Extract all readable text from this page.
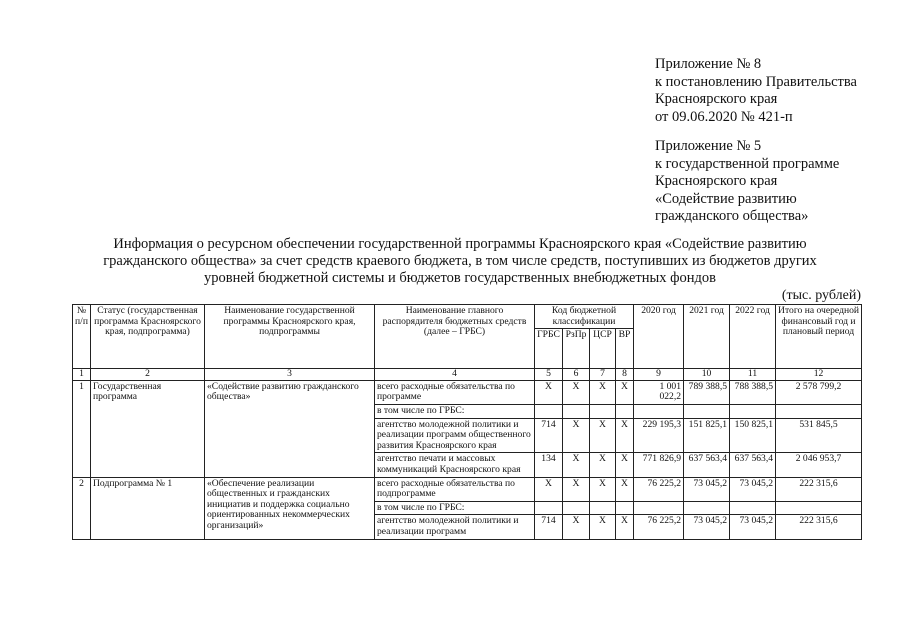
Приложение № 8
к постановлению Правительства
Красноярского края
от 09.06.2020 № 421-п
Приложение № 5
к государственной программе
Красноярского края
«Содействие развитию
гражданского общества»
Информация о ресурсном обеспечении государственной программы Красноярского края «Содействие развитию
гражданского общества» за счет средств краевого бюджета, в том числе средств, поступивших из бюджетов других
уровней бюджетной системы и бюджетов государственных внебюджетных фондов
(тыс. рублей)
№ п/п	Статус (государственная программа Красноярского края, подпрограмма)	Наименование государственной программы Красноярского края, подпрограммы	Наименование главного распорядителя бюджетных средств (далее – ГРБС)	Код бюджетной классификации				2020 год	2021 год	2022 год	Итого на очередной финансовый год и плановый период
				ГРБС	РзПр	ЦСР	ВР				
1	2	3	4	5	6	7	8	9	10	11	12
1	Государственная программа	«Содействие развитию гражданского общества»	всего расходные обязательства по программе	Х	Х	Х	Х	1 001 022,2	789 388,5	788 388,5	2 578 799,2
			в том числе по ГРБС:								
			агентство молодежной политики и реализации программ общественного развития Красноярского края	714	Х	Х	Х	229 195,3	151 825,1	150 825,1	531 845,5
			агентство печати и массовых коммуникаций Красноярского края	134	Х	Х	Х	771 826,9	637 563,4	637 563,4	2 046 953,7
2	Подпрограмма № 1	«Обеспечение реализации общественных и гражданских инициатив и поддержка социально ориентированных некоммерческих организаций»	всего расходные обязательства по подпрограмме	Х	Х	Х	Х	76 225,2	73 045,2	73 045,2	222 315,6
			в том числе по ГРБС:								
			агентство молодежной политики и реализации программ	714	Х	Х	Х	76 225,2	73 045,2	73 045,2	222 315,6
